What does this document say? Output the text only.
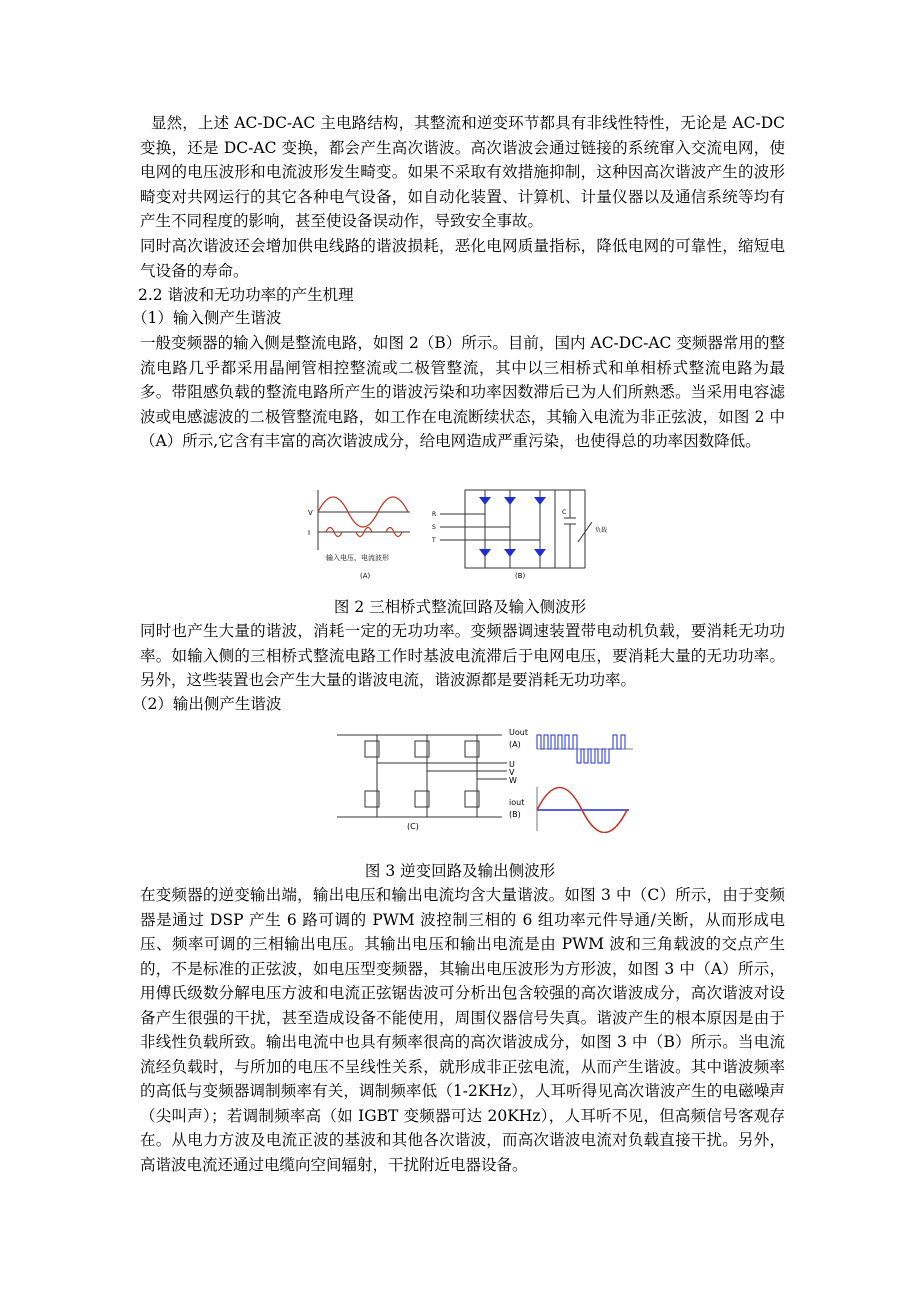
显然，上述 AC-DC-AC 主电路结构，其整流和逆变环节都具有非线性特性，无论是 AC-DC 变换，还是 DC-AC 变换，都会产生高次谐波。高次谐波会通过链接的系统窜入交流电网，使电网的电压波形和电流波形发生畸变。如果不采取有效措施抑制，这种因高次谐波产生的波形畸变对共网运行的其它各种电气设备，如自动化装置、计算机、计量仪器以及通信系统等均有产生不同程度的影响，甚至使设备误动作，导致安全事故。
同时高次谐波还会增加供电线路的谐波损耗，恶化电网质量指标，降低电网的可靠性，缩短电气设备的寿命。
2.2 谐波和无功功率的产生机理
（1）输入侧产生谐波
一般变频器的输入侧是整流电路，如图 2（B）所示。目前，国内 AC-DC-AC 变频器常用的整流电路几乎都采用晶闸管相控整流或二极管整流，其中以三相桥式和单相桥式整流电路为最多。带阻感负载的整流电路所产生的谐波污染和功率因数滞后已为人们所熟悉。当采用电容滤波或电感滤波的二极管整流电路，如工作在电流断续状态，其输入电流为非正弦波，如图 2 中（A）所示,它含有丰富的高次谐波成分，给电网造成严重污染，也使得总的功率因数降低。
V
I
输入电压、电流波形
(A)
R
S
T
C
负载
(B)
图 2 三相桥式整流回路及输入侧波形
同时也产生大量的谐波，消耗一定的无功功率。变频器调速装置带电动机负载，要消耗无功功率。如输入侧的三相桥式整流电路工作时基波电流滞后于电网电压，要消耗大量的无功功率。另外，这些装置也会产生大量的谐波电流，谐波源都是要消耗无功功率。
（2）输出侧产生谐波
U
V
W
(C)
Uout
(A)
iout
(B)
图 3 逆变回路及输出侧波形
在变频器的逆变输出端，输出电压和输出电流均含大量谐波。如图 3 中（C）所示，由于变频器是通过 DSP 产生 6 路可调的 PWM 波控制三相的 6 组功率元件导通/关断，从而形成电压、频率可调的三相输出电压。其输出电压和输出电流是由 PWM 波和三角载波的交点产生的，不是标准的正弦波，如电压型变频器，其输出电压波形为方形波，如图 3 中（A）所示，用傅氏级数分解电压方波和电流正弦锯齿波可分析出包含较强的高次谐波成分，高次谐波对设备产生很强的干扰，甚至造成设备不能使用，周围仪器信号失真。谐波产生的根本原因是由于非线性负载所致。输出电流中也具有频率很高的高次谐波成分，如图 3 中（B）所示。当电流流经负载时，与所加的电压不呈线性关系，就形成非正弦电流，从而产生谐波。其中谐波频率的高低与变频器调制频率有关，调制频率低（1-2KHz），人耳听得见高次谐波产生的电磁噪声（尖叫声）；若调制频率高（如 IGBT 变频器可达 20KHz），人耳听不见，但高频信号客观存在。从电力方波及电流正波的基波和其他各次谐波，而高次谐波电流对负载直接干扰。另外，高谐波电流还通过电缆向空间辐射，干扰附近电器设备。
